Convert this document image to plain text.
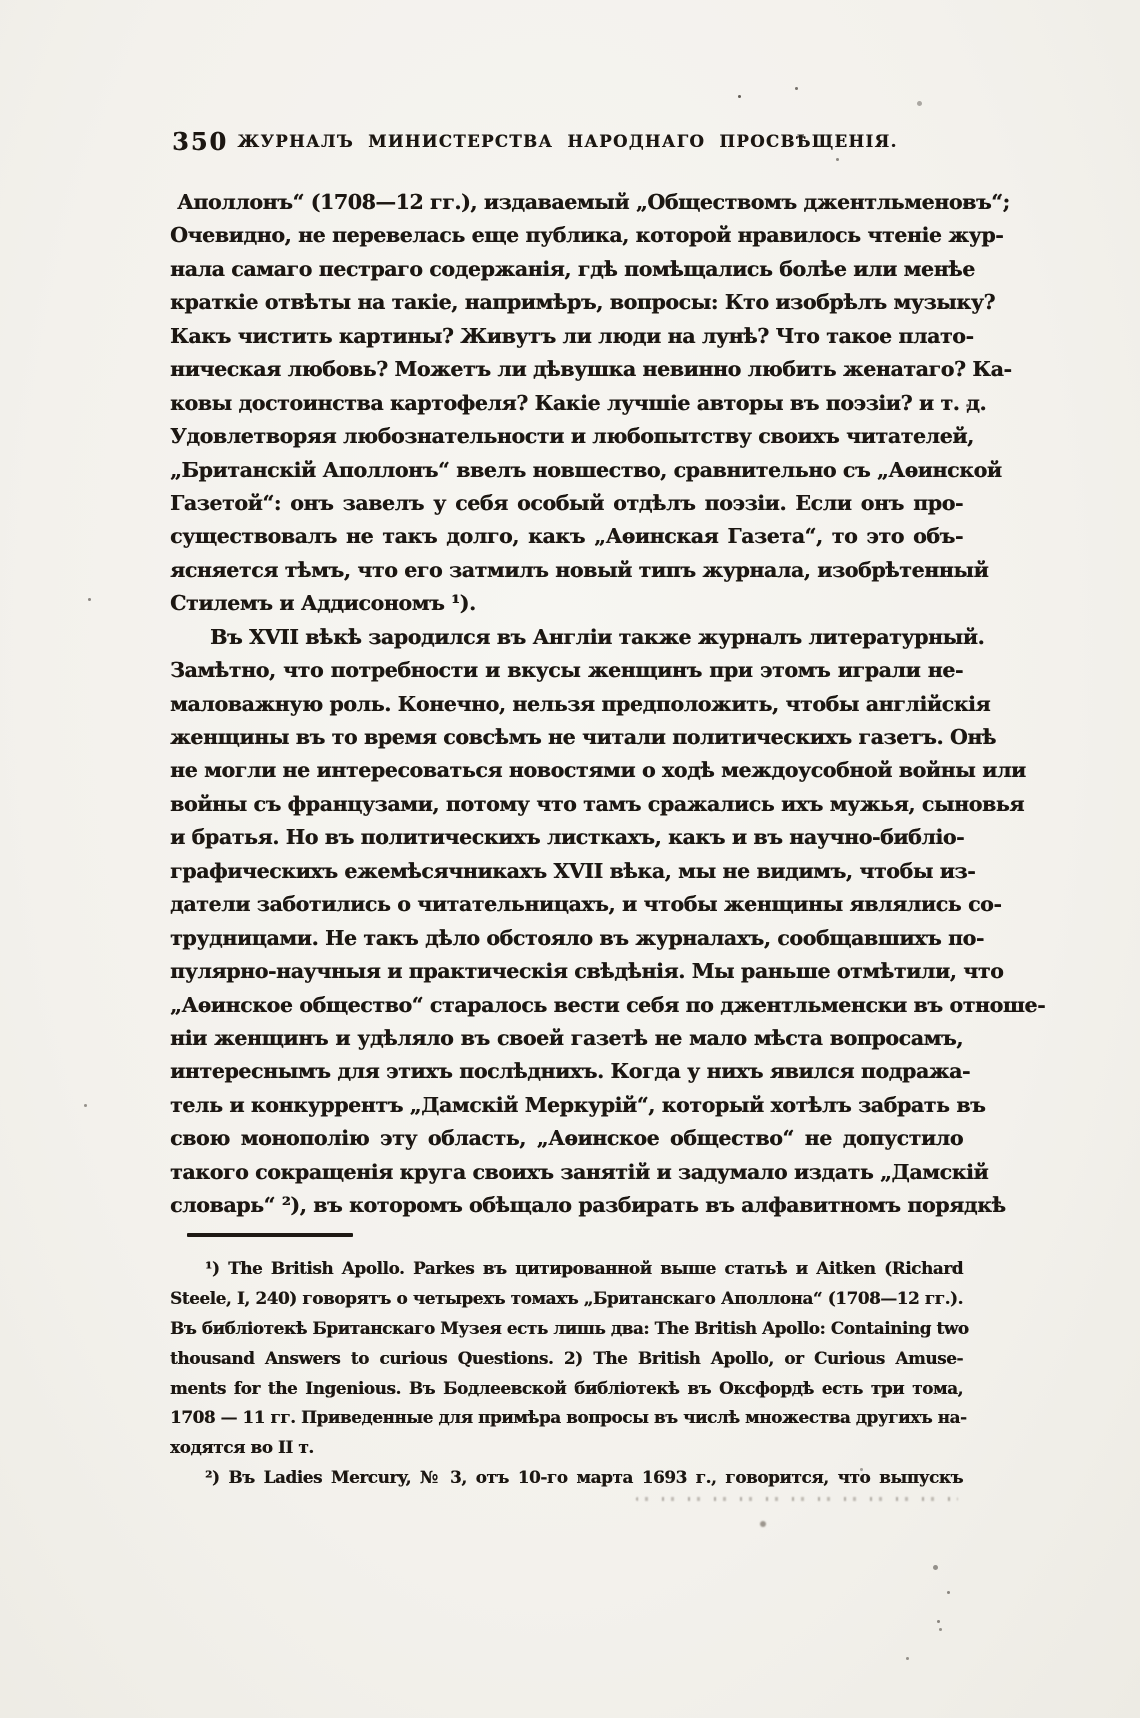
350 ЖУРНАЛЪ МИНИСТЕРСТВА НАРОДНАГО ПРОСВѢЩЕНІЯ.
Аполлонъ“ (1708—12 гг.), издаваемый „Обществомъ джентльменовъ“;
Очевидно, не перевелась еще публика, которой нравилось чтеніе жур-
нала самаго пестраго содержанія, гдѣ помѣщались болѣе или менѣе
краткіе отвѣты на такіе, напримѣръ, вопросы: Кто изобрѣлъ музыку?
Какъ чистить картины? Живутъ ли люди на лунѣ? Что такое плато-
ническая любовь? Можетъ ли дѣвушка невинно любить женатаго? Ка-
ковы достоинства картофеля? Какіе лучшіе авторы въ поэзіи? и т. д.
Удовлетворяя любознательности и любопытству своихъ читателей,
„Британскій Аполлонъ“ ввелъ новшество, сравнительно съ „Аѳинской
Газетой“: онъ завелъ у себя особый отдѣлъ поэзіи. Если онъ про-
существовалъ не такъ долго, какъ „Аѳинская Газета“, то это объ-
ясняется тѣмъ, что его затмилъ новый типъ журнала, изобрѣтенный
Стилемъ и Аддисономъ ¹).
Въ XVII вѣкѣ зародился въ Англіи также журналъ литературный.
Замѣтно, что потребности и вкусы женщинъ при этомъ играли не-
маловажную роль. Конечно, нельзя предположить, чтобы англійскія
женщины въ то время совсѣмъ не читали политическихъ газетъ. Онѣ
не могли не интересоваться новостями о ходѣ междоусобной войны или
войны съ французами, потому что тамъ сражались ихъ мужья, сыновья
и братья. Но въ политическихъ листкахъ, какъ и въ научно-библіо-
графическихъ ежемѣсячникахъ XVII вѣка, мы не видимъ, чтобы из-
датели заботились о читательницахъ, и чтобы женщины являлись со-
трудницами. Не такъ дѣло обстояло въ журналахъ, сообщавшихъ по-
пулярно-научныя и практическія свѣдѣнія. Мы раньше отмѣтили, что
„Аѳинское общество“ старалось вести себя по джентльменски въ отноше-
ніи женщинъ и удѣляло въ своей газетѣ не мало мѣста вопросамъ,
интереснымъ для этихъ послѣднихъ. Когда у нихъ явился подража-
тель и конкуррентъ „Дамскій Меркурій“, который хотѣлъ забрать въ
свою монополію эту область, „Аѳинское общество“ не допустило
такого сокращенія круга своихъ занятій и задумало издать „Дамскій
словарь“ ²), въ которомъ обѣщало разбирать въ алфавитномъ порядкѣ
¹) The British Apollo. Parkes въ цитированной выше статьѣ и Aitken (Richard
Steele, I, 240) говорятъ о четырехъ томахъ „Британскаго Аполлона“ (1708—12 гг.).
Въ библіотекѣ Британскаго Музея есть лишь два: The British Apollo: Containing two
thousand Answers to curious Questions. 2) The British Apollo, or Curious Amuse-
ments for the Ingenious. Въ Бодлеевской библіотекѣ въ Оксфордѣ есть три тома,
1708 — 11 гг. Приведенные для примѣра вопросы въ числѣ множества другихъ на-
ходятся во II т.
²) Въ Ladies Mercury, № 3, отъ 10-го марта 1693 г., говорится, что выпускъ
